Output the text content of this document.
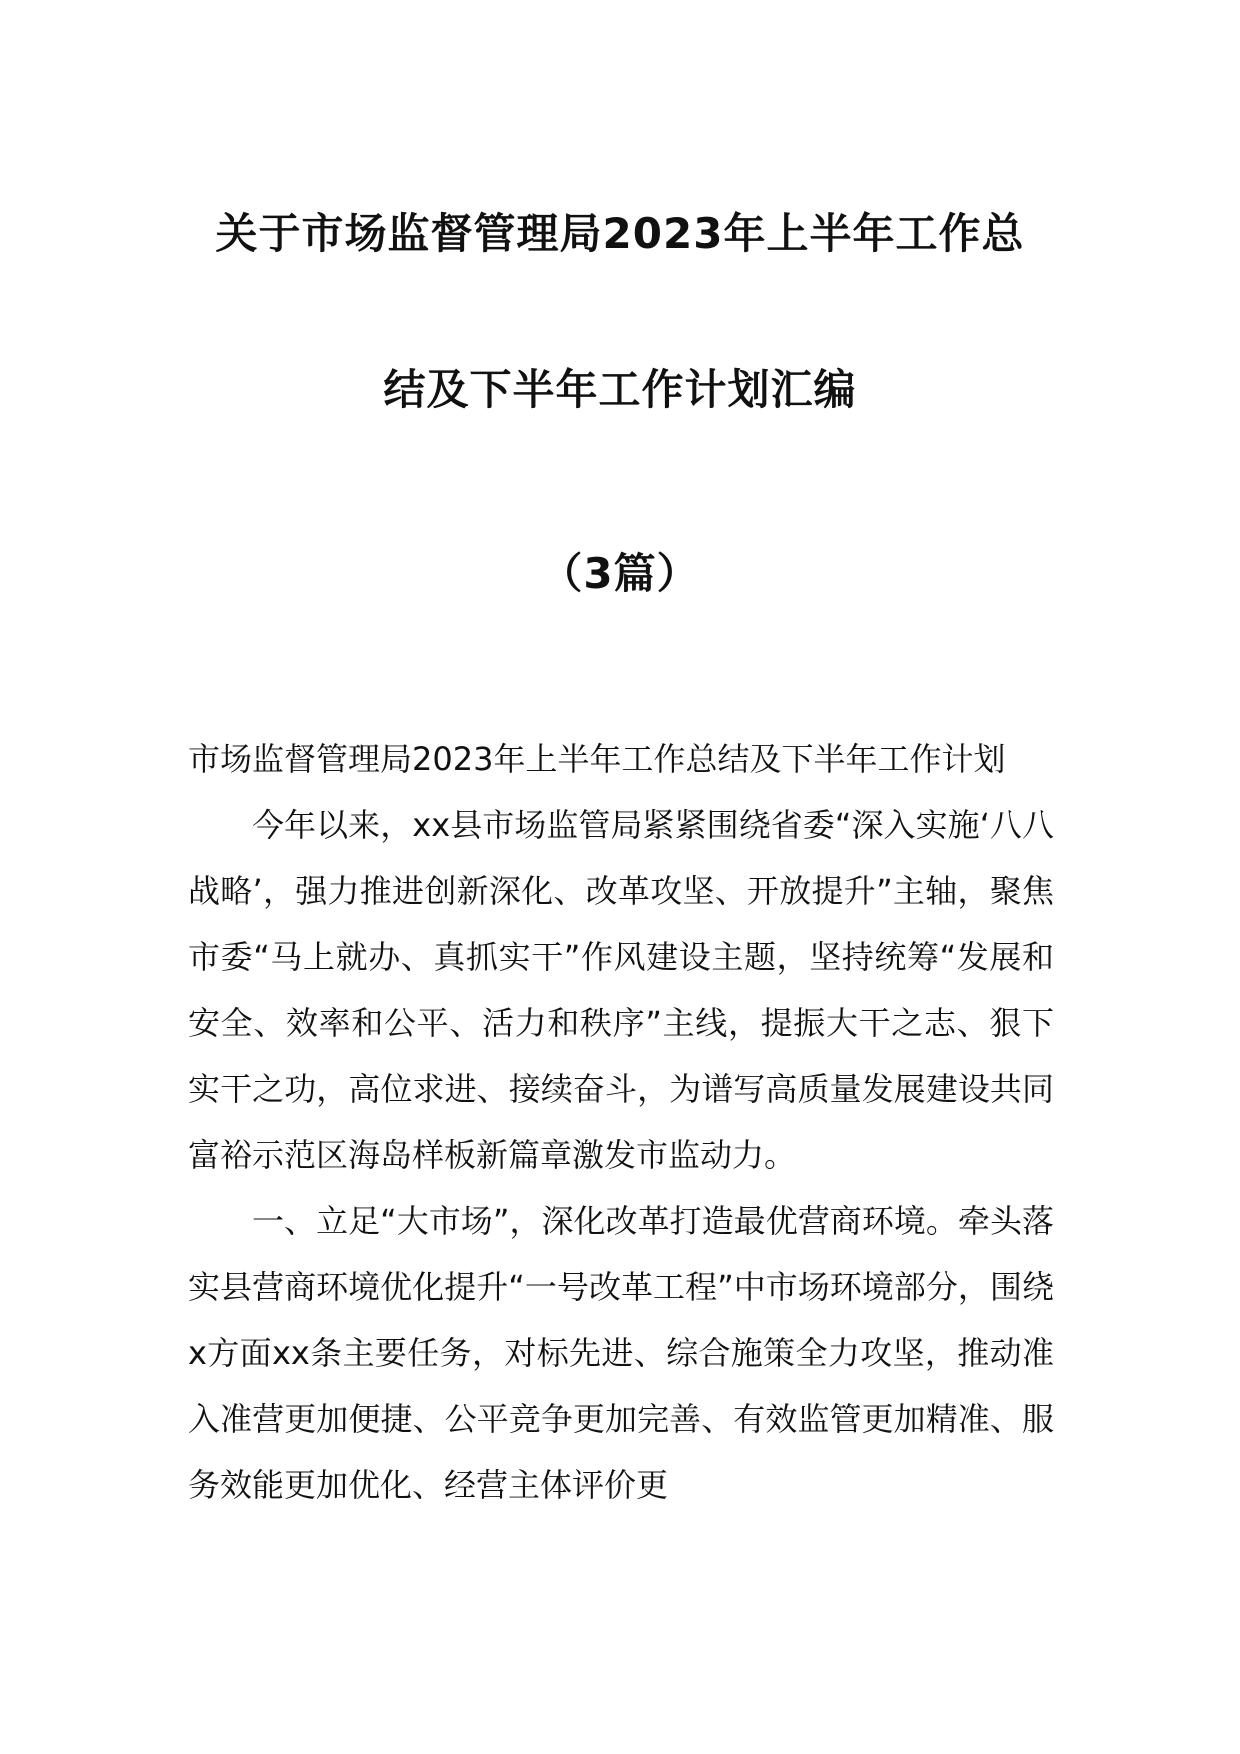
关于市场监督管理局2023年上半年工作总
结及下半年工作计划汇编
（3篇）
市场监督管理局2023年上半年工作总结及下半年工作计划

今年以来，xx县市场监管局紧紧围绕省委“深入实施‘八八战略’，强力推进创新深化、改革攻坚、开放提升”主轴，聚焦市委“马上就办、真抓实干”作风建设主题，坚持统筹“发展和安全、效率和公平、活力和秩序”主线，提振大干之志、狠下实干之功，高位求进、接续奋斗，为谱写高质量发展建设共同富裕示范区海岛样板新篇章激发市监动力。

一、立足“大市场”，深化改革打造最优营商环境。牵头落实县营商环境优化提升“一号改革工程”中市场环境部分，围绕x方面xx条主要任务，对标先进、综合施策全力攻坚，推动准入准营更加便捷、公平竞争更加完善、有效监管更加精准、服务效能更加优化、经营主体评价更
